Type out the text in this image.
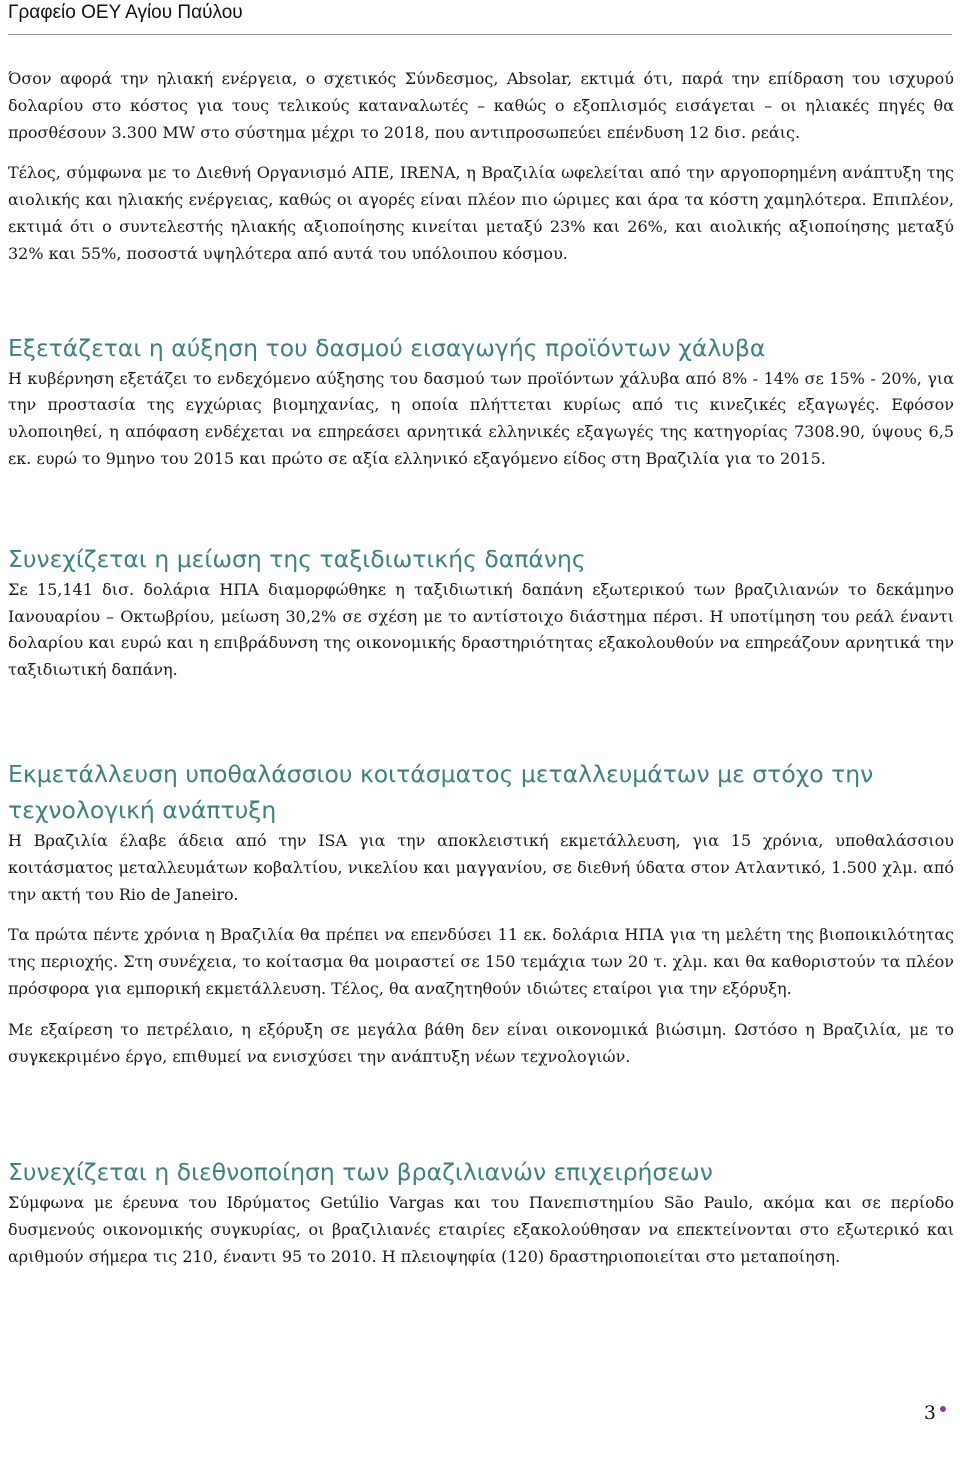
Γραφείο ΟΕΥ Αγίου Παύλου

Όσον αφορά την ηλιακή ενέργεια, ο σχετικός Σύνδεσμος, Absolar, εκτιμά ότι, παρά την επίδραση του ισχυρού δολαρίου στο κόστος για τους τελικούς καταναλωτές – καθώς ο εξοπλισμός εισάγεται – οι ηλιακές πηγές θα προσθέσουν 3.300 MW στο σύστημα μέχρι το 2018, που αντιπροσωπεύει επένδυση 12 δισ. ρεάις.

Τέλος, σύμφωνα με το Διεθνή Οργανισμό ΑΠΕ, IRENA, η Βραζιλία ωφελείται από την αργοπορημένη ανάπτυξη της αιολικής και ηλιακής ενέργειας, καθώς οι αγορές είναι πλέον πιο ώριμες και άρα τα κόστη χαμηλότερα. Επιπλέον, εκτιμά ότι ο συντελεστής ηλιακής αξιοποίησης κινείται μεταξύ 23% και 26%, και αιολικής αξιοποίησης μεταξύ 32% και 55%, ποσοστά υψηλότερα από αυτά του υπόλοιπου κόσμου.

Εξετάζεται η αύξηση του δασμού εισαγωγής προϊόντων χάλυβα

Η κυβέρνηση εξετάζει το ενδεχόμενο αύξησης του δασμού των προϊόντων χάλυβα από 8% - 14% σε 15% - 20%, για την προστασία της εγχώριας βιομηχανίας, η οποία πλήττεται κυρίως από τις κινεζικές εξαγωγές. Εφόσον υλοποιηθεί, η απόφαση ενδέχεται να επηρεάσει αρνητικά ελληνικές εξαγωγές της κατηγορίας 7308.90, ύψους 6,5 εκ. ευρώ το 9μηνο του 2015 και πρώτο σε αξία ελληνικό εξαγόμενο είδος στη Βραζιλία για το 2015.

Συνεχίζεται η μείωση της ταξιδιωτικής δαπάνης

Σε 15,141 δισ. δολάρια ΗΠΑ διαμορφώθηκε η ταξιδιωτική δαπάνη εξωτερικού των βραζιλιανών το δεκάμηνο Ιανουαρίου – Οκτωβρίου, μείωση 30,2% σε σχέση με το αντίστοιχο διάστημα πέρσι. Η υποτίμηση του ρεάλ έναντι δολαρίου και ευρώ και η επιβράδυνση της οικονομικής δραστηριότητας εξακολουθούν να επηρεάζουν αρνητικά την ταξιδιωτική δαπάνη.

Εκμετάλλευση υποθαλάσσιου κοιτάσματος μεταλλευμάτων με στόχο την τεχνολογική ανάπτυξη

Η Βραζιλία έλαβε άδεια από την ISA για την αποκλειστική εκμετάλλευση, για 15 χρόνια, υποθαλάσσιου κοιτάσματος μεταλλευμάτων κοβαλτίου, νικελίου και μαγγανίου, σε διεθνή ύδατα στον Ατλαντικό, 1.500 χλμ. από την ακτή του Rio de Janeiro.

Τα πρώτα πέντε χρόνια η Βραζιλία θα πρέπει να επενδύσει 11 εκ. δολάρια ΗΠΑ για τη μελέτη της βιοποικιλότητας της περιοχής. Στη συνέχεια, το κοίτασμα θα μοιραστεί σε 150 τεμάχια των 20 τ. χλμ. και θα καθοριστούν τα πλέον πρόσφορα για εμπορική εκμετάλλευση. Τέλος, θα αναζητηθούν ιδιώτες εταίροι για την εξόρυξη.

Με εξαίρεση το πετρέλαιο, η εξόρυξη σε μεγάλα βάθη δεν είναι οικονομικά βιώσιμη. Ωστόσο η Βραζιλία, με το συγκεκριμένο έργο, επιθυμεί να ενισχύσει την ανάπτυξη νέων τεχνολογιών.

Συνεχίζεται η διεθνοποίηση των βραζιλιανών επιχειρήσεων

Σύμφωνα με έρευνα του Ιδρύματος Getúlio Vargas και του Πανεπιστημίου São Paulo, ακόμα και σε περίοδο δυσμενούς οικονομικής συγκυρίας, οι βραζιλιανές εταιρίες εξακολούθησαν να επεκτείνονται στο εξωτερικό και αριθμούν σήμερα τις 210, έναντι 95 το 2010. Η πλειοψηφία (120) δραστηριοποιείται στο μεταποίηση.

3
